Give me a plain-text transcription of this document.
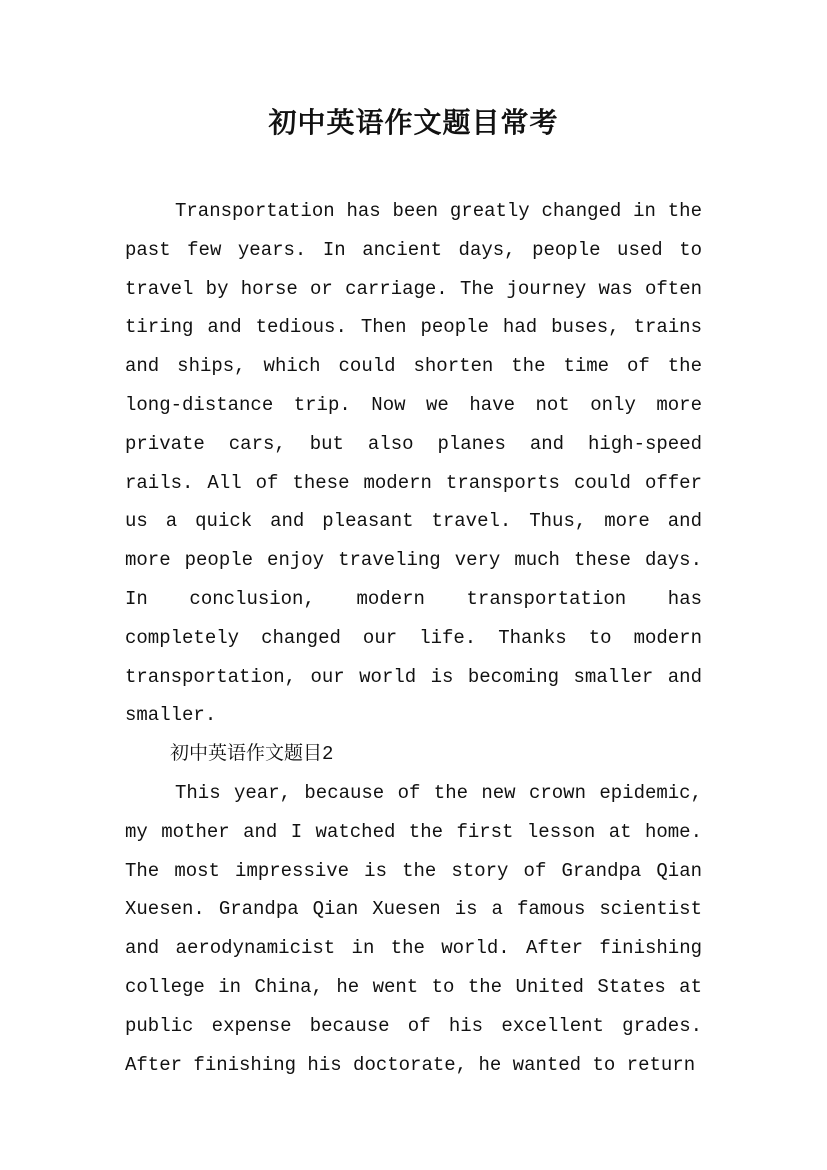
初中英语作文题目常考

Transportation has been greatly changed in the past few years. In ancient days, people used to travel by horse or carriage. The journey was often tiring and tedious. Then people had buses, trains and ships, which could shorten the time of the long-distance trip. Now we have not only more private cars, but also planes and high-speed rails. All of these modern transports could offer us a quick and pleasant travel. Thus, more and more people enjoy traveling very much these days. In conclusion, modern transportation has completely changed our life. Thanks to modern transportation, our world is becoming smaller and smaller.

初中英语作文题目2

This year, because of the new crown epidemic, my mother and I watched the first lesson at home. The most impressive is the story of Grandpa Qian Xuesen. Grandpa Qian Xuesen is a famous scientist and aerodynamicist in the world. After finishing college in China, he went to the United States at public expense because of his excellent grades. After finishing his doctorate, he wanted to return
